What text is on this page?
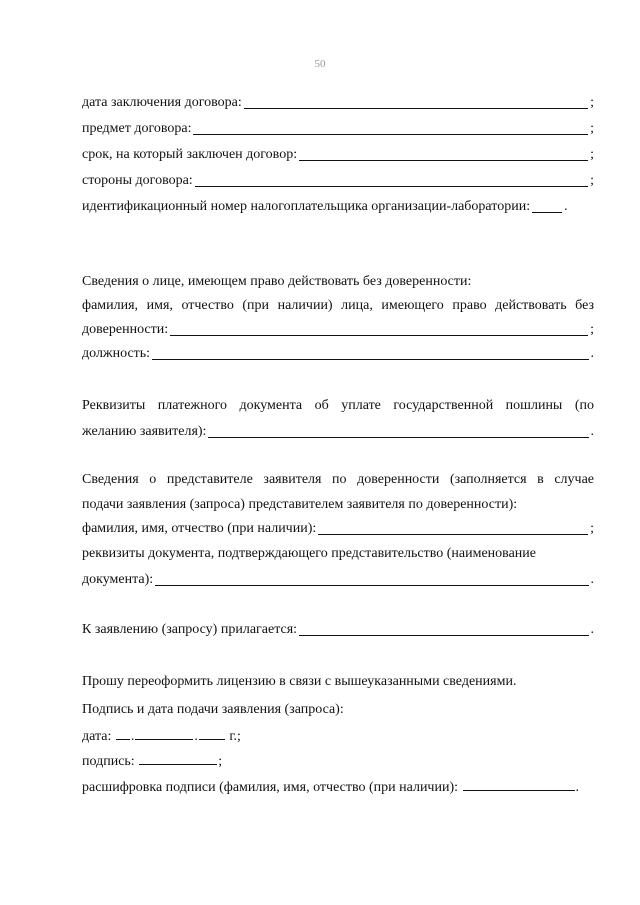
50
дата заключения договора:	;
предмет договора:	;
срок, на который заключен договор:	;
стороны договора:	;
идентификационный номер налогоплательщика организации-лаборатории: .
Сведения о лице, имеющем право действовать без доверенности:
фамилия, имя, отчество (при наличии) лица, имеющего право действовать без
доверенности:	;
должность:	.
Реквизиты платежного документа об уплате государственной пошлины (по
желанию заявителя):	.
Сведения о представителе заявителя по доверенности (заполняется в случае
подачи заявления (запроса) представителем заявителя по доверенности):
фамилия, имя, отчество (при наличии):	;
реквизиты документа, подтверждающего представительство (наименование
документа):	.
К заявлению (запросу) прилагается:	.
Прошу переоформить лицензию в связи с вышеуказанными сведениями.
Подпись и дата подачи заявления (запроса):
дата: .	. г.;
подпись:	;
расшифровка подписи (фамилия, имя, отчество (при наличии):	.
